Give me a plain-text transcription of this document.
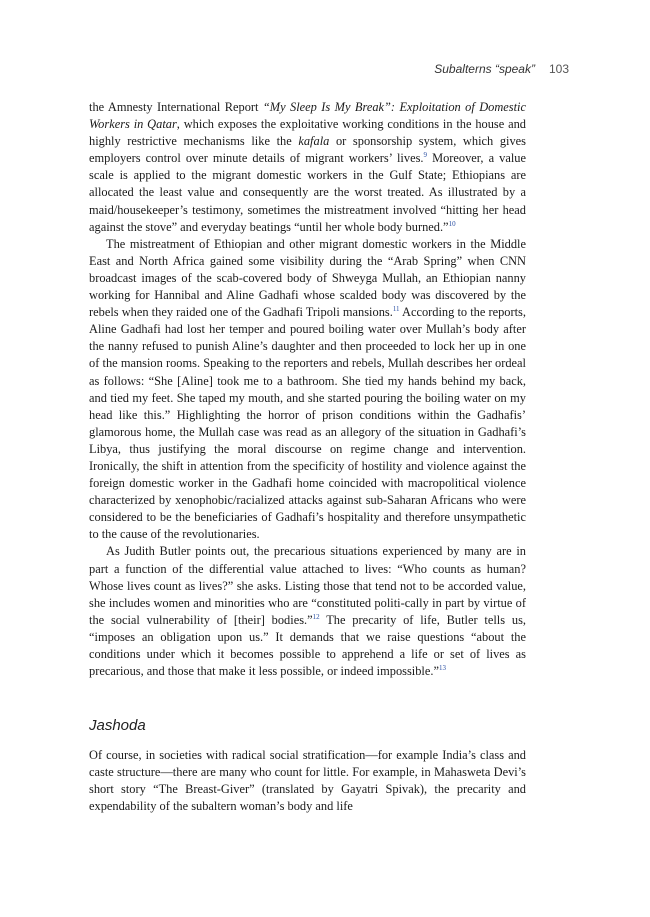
Subalterns “speak” 103

the Amnesty International Report “My Sleep Is My Break”: Exploitation of Domestic Workers in Qatar, which exposes the exploitative working conditions in the house and highly restrictive mechanisms like the kafala or sponsorship system, which gives employers control over minute details of migrant workers’ lives.$^9$ Moreover, a value scale is applied to the migrant domestic workers in the Gulf State; Ethiopians are allocated the least value and consequently are the worst treated. As illustrated by a maid/housekeeper’s testimony, sometimes the mistreatment involved “hitting her head against the stove” and everyday beatings “until her whole body burned.”$^{10}$

The mistreatment of Ethiopian and other migrant domestic workers in the Middle East and North Africa gained some visibility during the “Arab Spring” when CNN broadcast images of the scab-covered body of Shweyga Mullah, an Ethiopian nanny working for Hannibal and Aline Gadhafi whose scalded body was discovered by the rebels when they raided one of the Gadhafi Tripoli mansions.$^{11}$ According to the reports, Aline Gadhafi had lost her temper and poured boiling water over Mullah’s body after the nanny refused to punish Aline’s daughter and then proceeded to lock her up in one of the mansion rooms. Speaking to the reporters and rebels, Mullah describes her ordeal as follows: “She [Aline] took me to a bathroom. She tied my hands behind my back, and tied my feet. She taped my mouth, and she started pouring the boiling water on my head like this.” Highlighting the horror of prison conditions within the Gadhafis’ glamorous home, the Mullah case was read as an allegory of the situation in Gadhafi’s Libya, thus justifying the moral discourse on regime change and intervention. Ironically, the shift in attention from the specificity of hostility and violence against the foreign domestic worker in the Gadhafi home coincided with macropolitical violence characterized by xenophobic/racialized attacks against sub-Saharan Africans who were considered to be the beneficiaries of Gadhafi’s hospitality and therefore unsympathetic to the cause of the revolutionaries.

As Judith Butler points out, the precarious situations experienced by many are in part a function of the differential value attached to lives: “Who counts as human? Whose lives count as lives?” she asks. Listing those that tend not to be accorded value, she includes women and minorities who are “constituted politi-cally in part by virtue of the social vulnerability of [their] bodies.”$^{12}$ The precarity of life, Butler tells us, “imposes an obligation upon us.” It demands that we raise questions “about the conditions under which it becomes possible to apprehend a life or set of lives as precarious, and those that make it less possible, or indeed impossible.”$^{13}$

Jashoda

Of course, in societies with radical social stratification—for example India’s class and caste structure—there are many who count for little. For example, in Mahasweta Devi’s short story “The Breast-Giver” (translated by Gayatri Spivak), the precarity and expendability of the subaltern woman’s body and life
